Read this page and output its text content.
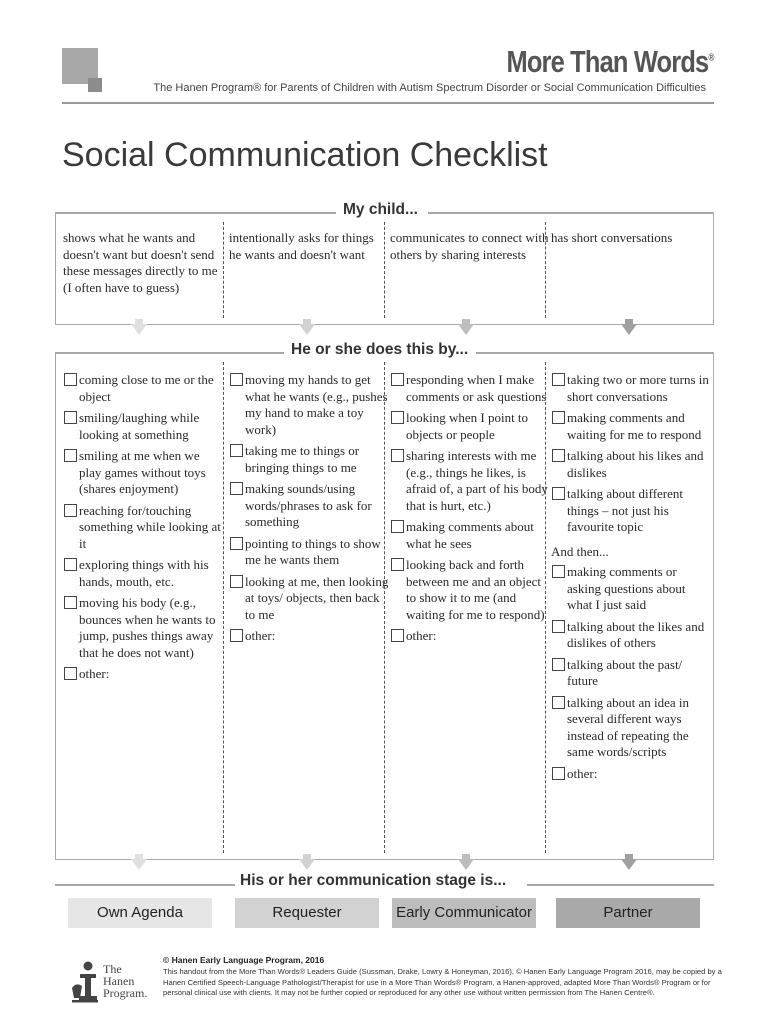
More Than Words®
The Hanen Program® for Parents of Children with Autism Spectrum Disorder or Social Communication Difficulties
Social Communication Checklist
My child...
shows what he wants and doesn't want but doesn't send these messages directly to me (I often have to guess)
intentionally asks for things he wants and doesn't want
communicates to connect with others by sharing interests
has short conversations
He or she does this by...
coming close to me or the object
smiling/laughing while looking at something
smiling at me when we play games without toys (shares enjoyment)
reaching for/touching something while looking at it
exploring things with his hands, mouth, etc.
moving his body (e.g., bounces when he wants to jump, pushes things away that he does not want)
other:
moving my hands to get what he wants (e.g., pushes my hand to make a toy work)
taking me to things or bringing things to me
making sounds/using words/phrases to ask for something
pointing to things to show me he wants them
looking at me, then looking at toys/ objects, then back to me
other:
responding when I make comments or ask questions
looking when I point to objects or people
sharing interests with me (e.g., things he likes, is afraid of, a part of his body that is hurt, etc.)
making comments about what he sees
looking back and forth between me and an object to show it to me (and waiting for me to respond)
other:
taking two or more turns in short conversations
making comments and waiting for me to respond
talking about his likes and dislikes
talking about different things – not just his favourite topic
And then...
making comments or asking questions about what I just said
talking about the likes and dislikes of others
talking about the past/ future
talking about an idea in several different ways instead of repeating the same words/scripts
other:
His or her communication stage is...
Own Agenda	Requester	Early Communicator	Partner
The
Hanen
Program.
© Hanen Early Language Program, 2016
This handout from the More Than Words® Leaders Guide (Sussman, Drake, Lowry & Honeyman, 2016), © Hanen Early Language Program 2016, may be copied by a Hanen Certified Speech-Language Pathologist/Therapist for use in a More Than Words® Program, a Hanen-approved, adapted More Than Words® Program or for personal clinical use with clients. It may not be further copied or reproduced for any other use without written permission from The Hanen Centre®.
